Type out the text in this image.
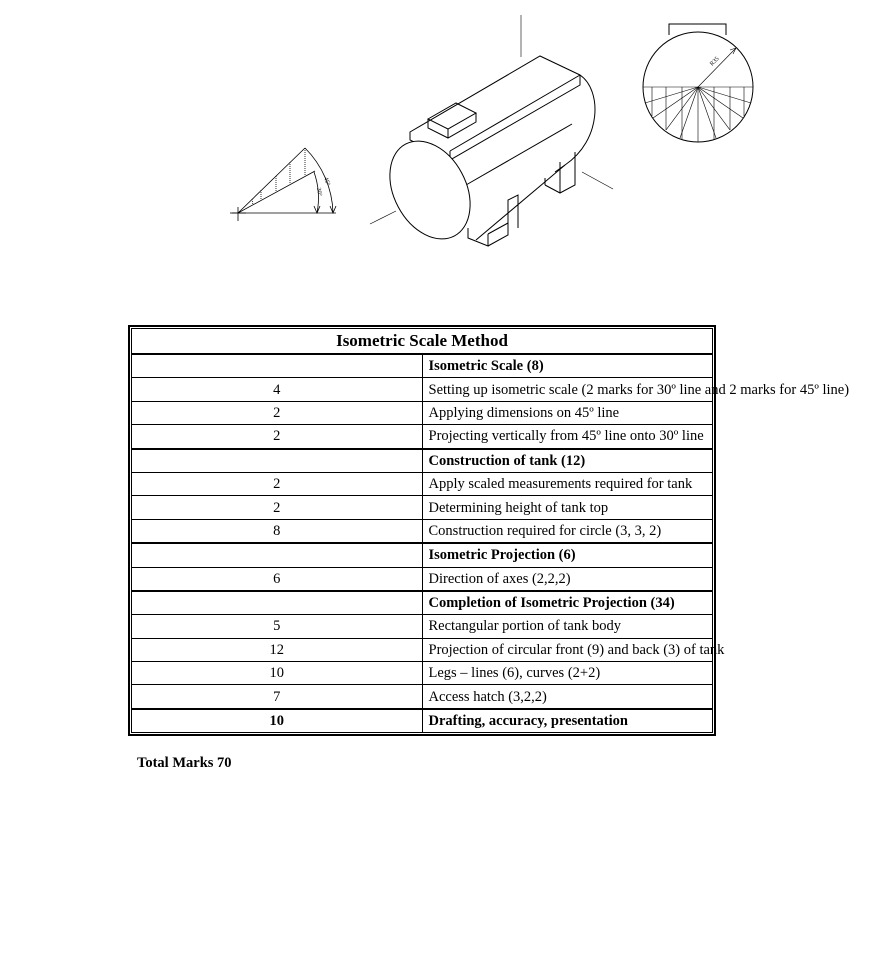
45°
30°
R35
Isometric Scale Method	
	Isometric Scale (8)
4	Setting up isometric scale (2 marks for 30º line and 2 marks for 45º line)
2	Applying dimensions on 45º line
2	Projecting vertically from 45º line onto 30º line
	Construction of tank (12)
2	Apply scaled measurements required for tank
2	Determining height of tank top
8	Construction required for circle (3, 3, 2)
	Isometric Projection (6)
6	Direction of axes (2,2,2)
	Completion of Isometric Projection (34)
5	Rectangular portion of tank body
12	Projection of circular front (9) and back (3) of tank
10	Legs – lines (6), curves (2+2)
7	Access hatch (3,2,2)
10	Drafting, accuracy, presentation
Total Marks 70
